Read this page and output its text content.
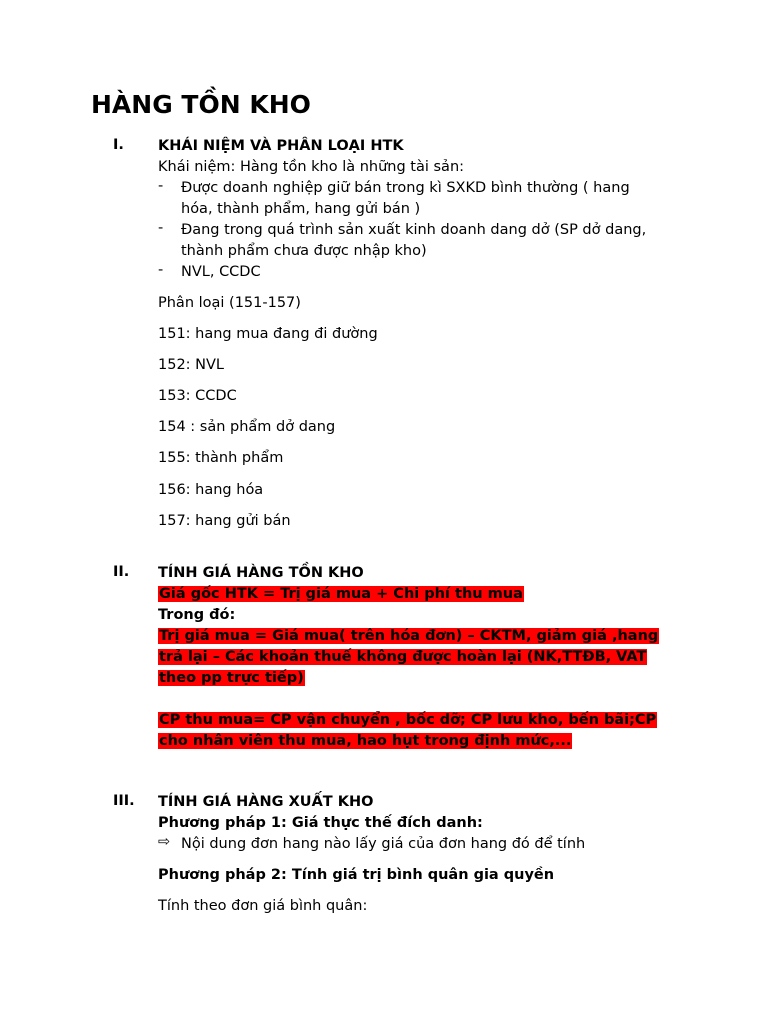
HÀNG TỒN KHO
I. KHÁI NIỆM VÀ PHÂN LOẠI HTK
Khái niệm: Hàng tồn kho là những tài sản:
- Được doanh nghiệp giữ bán trong kì SXKD bình thường ( hang
hóa, thành phẩm, hang gửi bán )
- Đang trong quá trình sản xuất kinh doanh dang dở (SP dở dang,
thành phẩm chưa được nhập kho)
- NVL, CCDC
Phân loại (151-157)
151: hang mua đang đi đường
152: NVL
153: CCDC
154 : sản phẩm dở dang
155: thành phẩm
156: hang hóa
157: hang gửi bán
II. TÍNH GIÁ HÀNG TỒN KHO
Giá gốc HTK = Trị giá mua + Chi phí thu mua
Trong đó:
Trị giá mua = Giá mua( trên hóa đơn) – CKTM, giảm giá ,hang
trả lại – Các khoản thuế không được hoàn lại (NK,TTĐB, VAT
theo pp trực tiếp)
CP thu mua= CP vận chuyển , bốc dỡ; CP lưu kho, bến bãi;CP
cho nhân viên thu mua, hao hụt trong định mức,...
III. TÍNH GIÁ HÀNG XUẤT KHO
Phương pháp 1: Giá thực thế đích danh:
⇨ Nội dung đơn hang nào lấy giá của đơn hang đó để tính
Phương pháp 2: Tính giá trị bình quân gia quyền
Tính theo đơn giá bình quân:
